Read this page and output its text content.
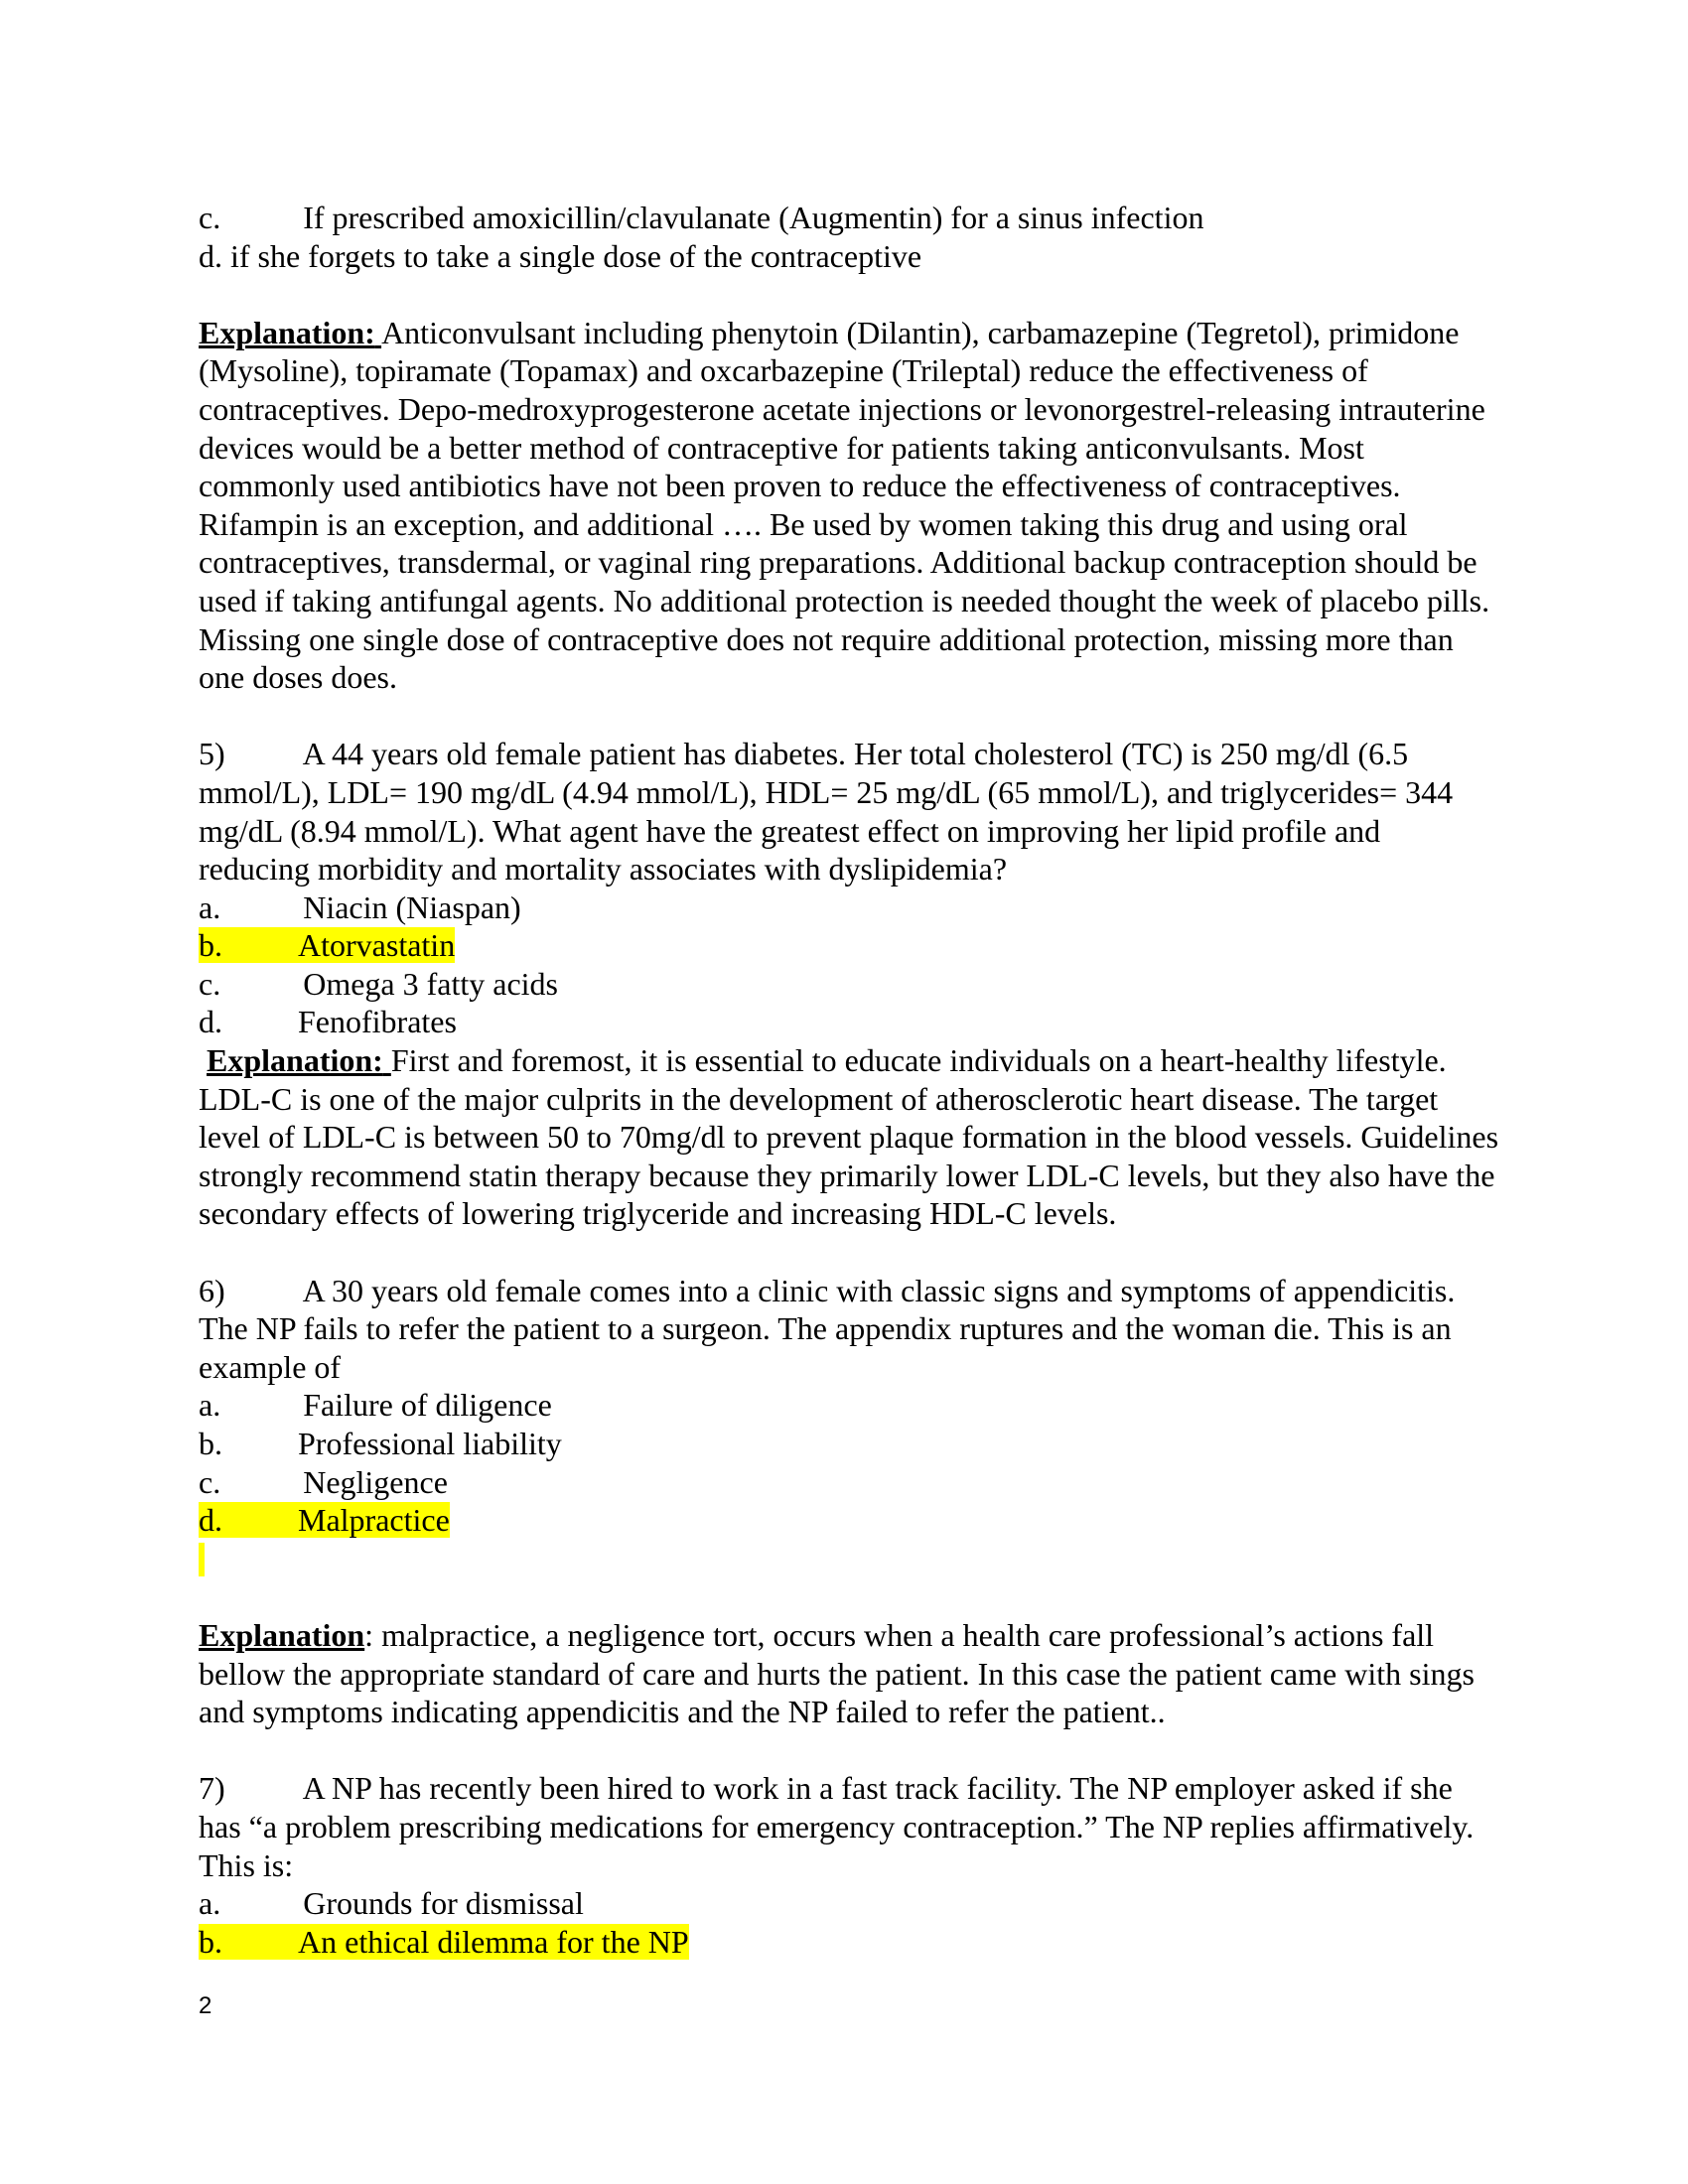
c.	If prescribed amoxicillin/clavulanate (Augmentin) for a sinus infection
d. if she forgets to take a single dose of the contraceptive
Explanation: Anticonvulsant including phenytoin (Dilantin), carbamazepine (Tegretol), primidone (Mysoline), topiramate (Topamax) and oxcarbazepine (Trileptal) reduce the effectiveness of contraceptives. Depo-medroxyprogesterone acetate injections or levonorgestrel-releasing intrauterine devices would be a better method of contraceptive for patients taking anticonvulsants. Most commonly used antibiotics have not been proven to reduce the effectiveness of contraceptives. Rifampin is an exception, and additional …. Be used by women taking this drug and using oral contraceptives, transdermal, or vaginal ring preparations. Additional backup contraception should be used if taking antifungal agents. No additional protection is needed thought the week of placebo pills. Missing one single dose of contraceptive does not require additional protection, missing more than one doses does.
5) A 44 years old female patient has diabetes. Her total cholesterol (TC) is 250 mg/dl (6.5 mmol/L), LDL= 190 mg/dL (4.94 mmol/L), HDL= 25 mg/dL (65 mmol/L), and triglycerides= 344 mg/dL (8.94 mmol/L). What agent have the greatest effect on improving her lipid profile and reducing morbidity and mortality associates with dyslipidemia?
a.	Niacin (Niaspan)
b. Atorvastatin
c.	Omega 3 fatty acids
d. Fenofibrates
Explanation: First and foremost, it is essential to educate individuals on a heart-healthy lifestyle. LDL-C is one of the major culprits in the development of atherosclerotic heart disease. The target level of LDL-C is between 50 to 70mg/dl to prevent plaque formation in the blood vessels. Guidelines strongly recommend statin therapy because they primarily lower LDL-C levels, but they also have the secondary effects of lowering triglyceride and increasing HDL-C levels.
6) A 30 years old female comes into a clinic with classic signs and symptoms of appendicitis. The NP fails to refer the patient to a surgeon. The appendix ruptures and the woman die. This is an example of
a.	Failure of diligence
b. Professional liability
c.	Negligence
d. Malpractice
Explanation: malpractice, a negligence tort, occurs when a health care professional’s actions fall bellow the appropriate standard of care and hurts the patient. In this case the patient came with sings and symptoms indicating appendicitis and the NP failed to refer the patient..
7) A NP has recently been hired to work in a fast track facility. The NP employer asked if she has “a problem prescribing medications for emergency contraception.” The NP replies affirmatively. This is:
a.	Grounds for dismissal
b. An ethical dilemma for the NP
2
